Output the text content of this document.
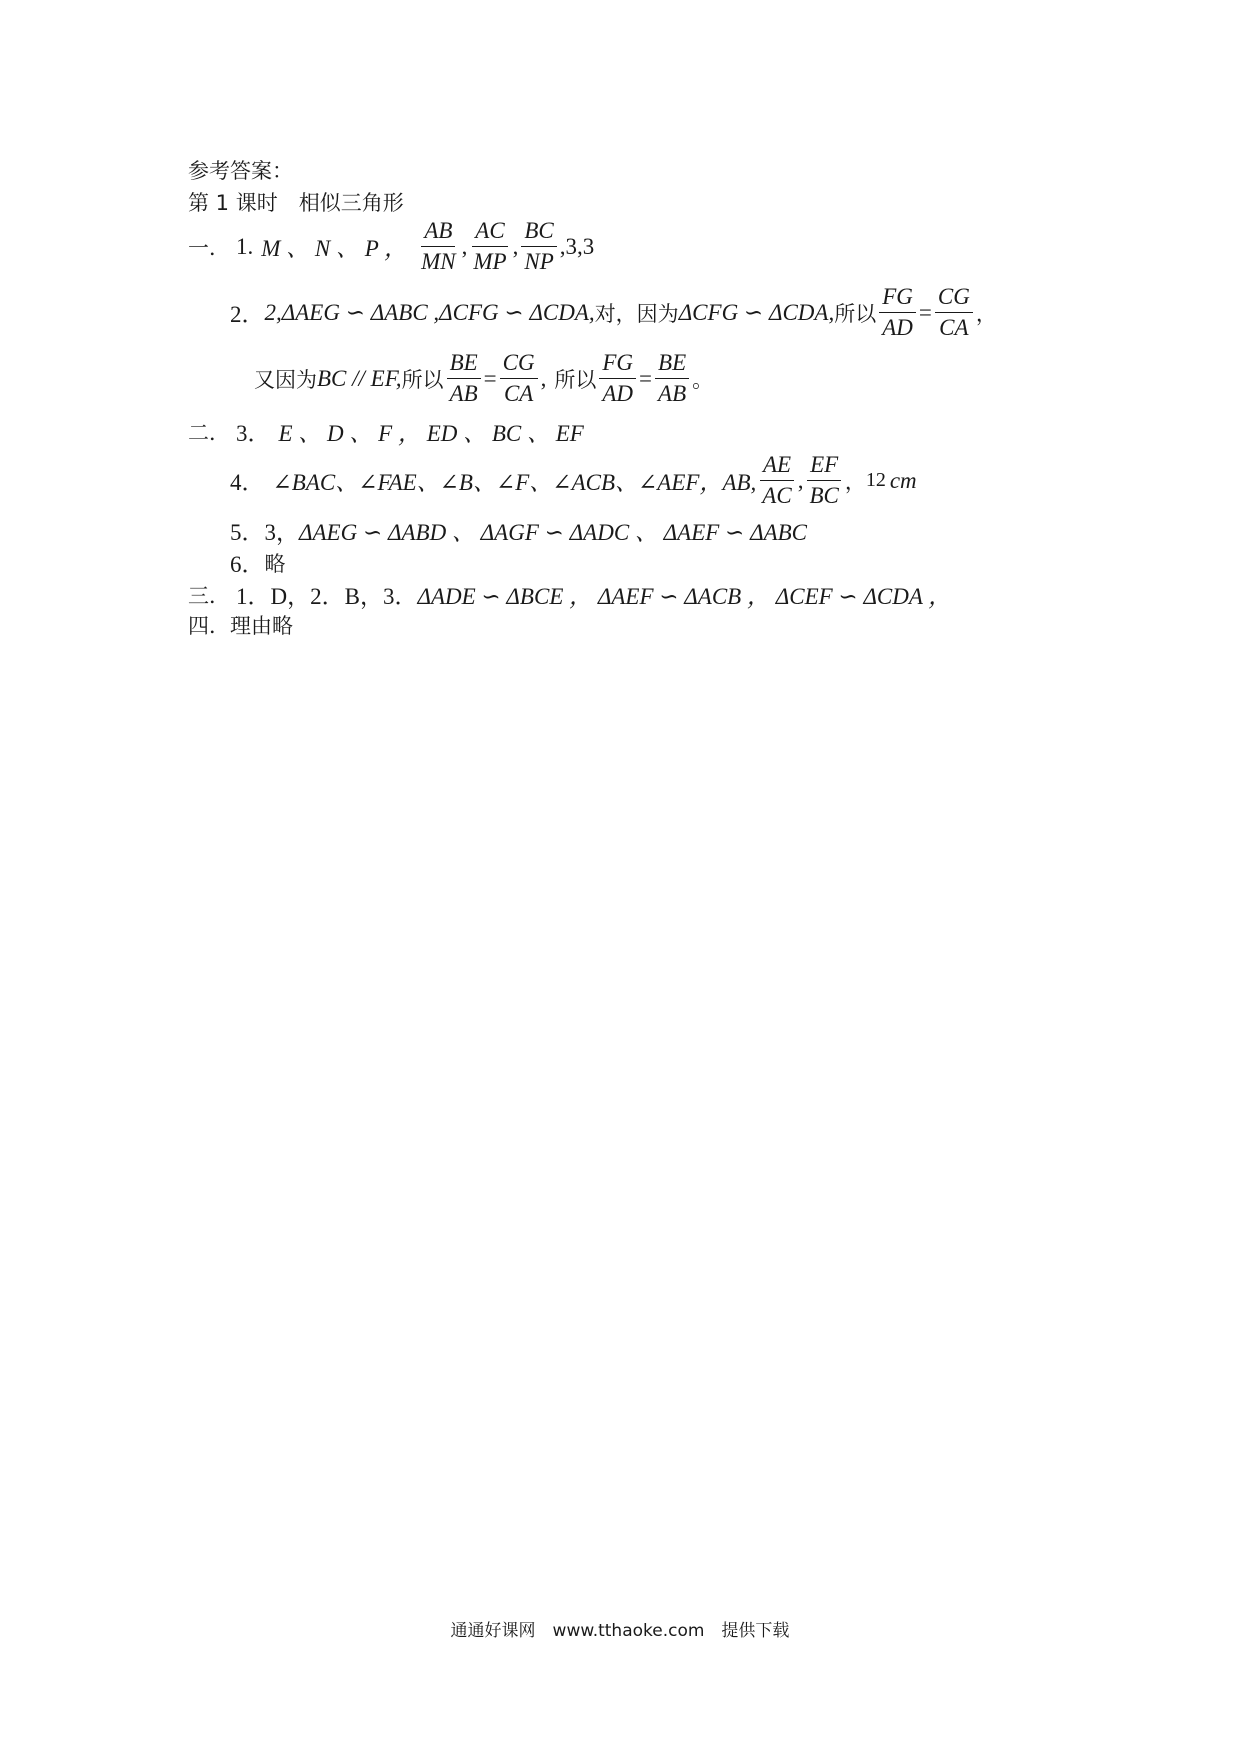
参考答案：
第 1 课时　相似三角形
一． 1. M 、 N 、 P ， $\frac{AB}{MN}$ , $\frac{AC}{MP}$ , $\frac{BC}{NP} ,3,3$
2． 2,ΔAEG ∽ ΔABC ,ΔCFG ∽ ΔCDA, 对，因为 ΔCFG ∽ ΔCDA, 所以 $\frac{FG}{AD} = \frac{CG}{CA}$ ，
又因为 BC // EF, 所以 $\frac{BE}{AB} = \frac{CG}{CA}$ , 所以 $\frac{FG}{AD} = \frac{BE}{AB}$ 。
二． 3． E 、 D 、 F ， ED 、 BC 、 EF
4． ∠BAC、∠FAE、∠B、∠F、∠ACB、∠AEF，AB, $\frac{AE}{AC}$ , $\frac{EF}{BC}$ ， 12 cm
5．3， ΔAEG ∽ ΔABD 、 ΔAGF ∽ ΔADC 、 ΔAEF ∽ ΔABC
6． 略
三． 1．D，2．B，3． ΔADE ∽ ΔBCE ， ΔAEF ∽ ΔACB ， ΔCEF ∽ ΔCDA ，
四． 理由略
通通好课网　www.tthaoke.com　提供下载
